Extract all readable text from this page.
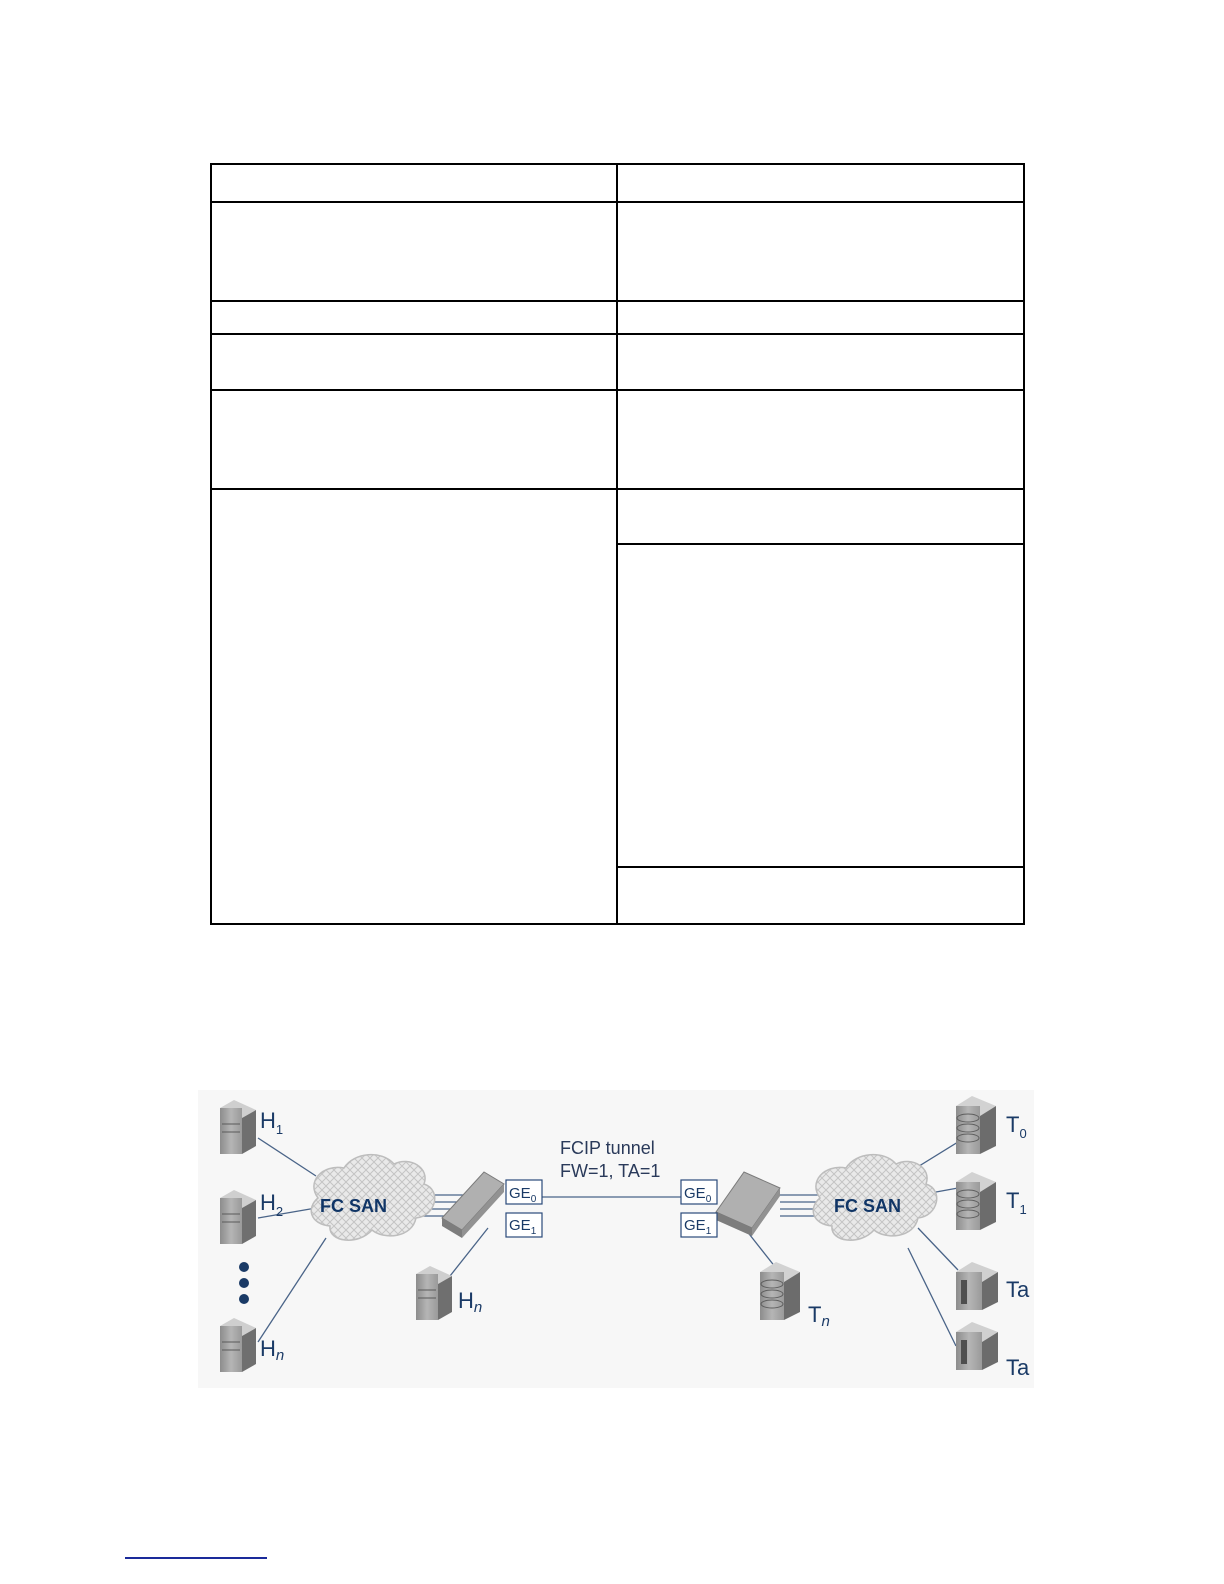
FC SAN	FC SAN
$GE_0$
$GE_1$
$GE_0$
$GE_1$
FCIP tunnel
FW=1, TA=1
$H_1$
$H_2$
Hn
Hn
$T_0$
$T_1$
Tn
Ta
Ta
